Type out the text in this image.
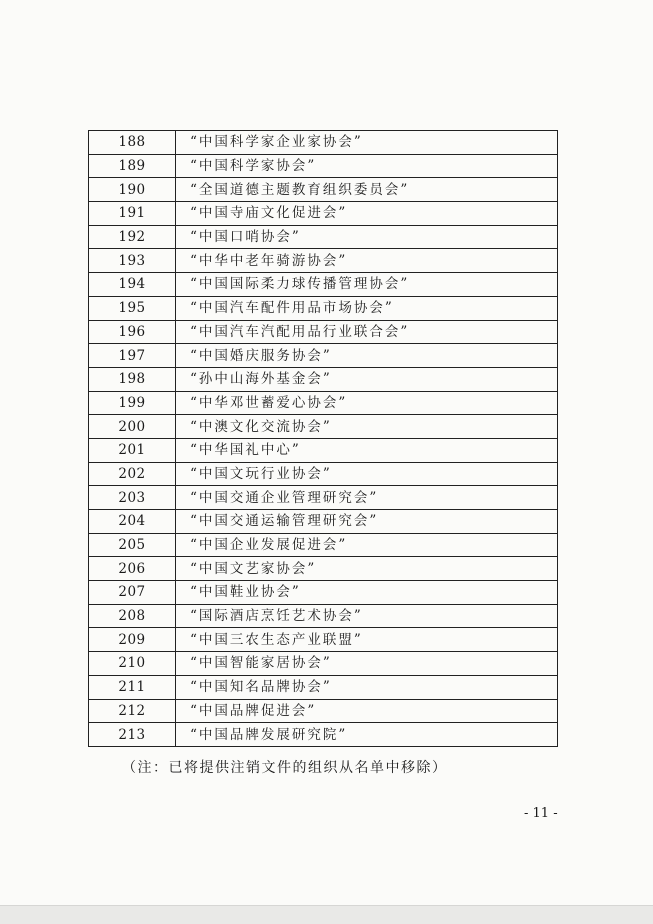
188	“中国科学家企业家协会”
189	“中国科学家协会”
190	“全国道德主题教育组织委员会”
191	“中国寺庙文化促进会”
192	“中国口哨协会”
193	“中华中老年骑游协会”
194	“中国国际柔力球传播管理协会”
195	“中国汽车配件用品市场协会”
196	“中国汽车汽配用品行业联合会”
197	“中国婚庆服务协会”
198	“孙中山海外基金会”
199	“中华邓世蓄爱心协会”
200	“中澳文化交流协会”
201	“中华国礼中心”
202	“中国文玩行业协会”
203	“中国交通企业管理研究会”
204	“中国交通运输管理研究会”
205	“中国企业发展促进会”
206	“中国文艺家协会”
207	“中国鞋业协会”
208	“国际酒店烹饪艺术协会”
209	“中国三农生态产业联盟”
210	“中国智能家居协会”
211	“中国知名品牌协会”
212	“中国品牌促进会”
213	“中国品牌发展研究院”
（注：已将提供注销文件的组织从名单中移除）
- 11 -
